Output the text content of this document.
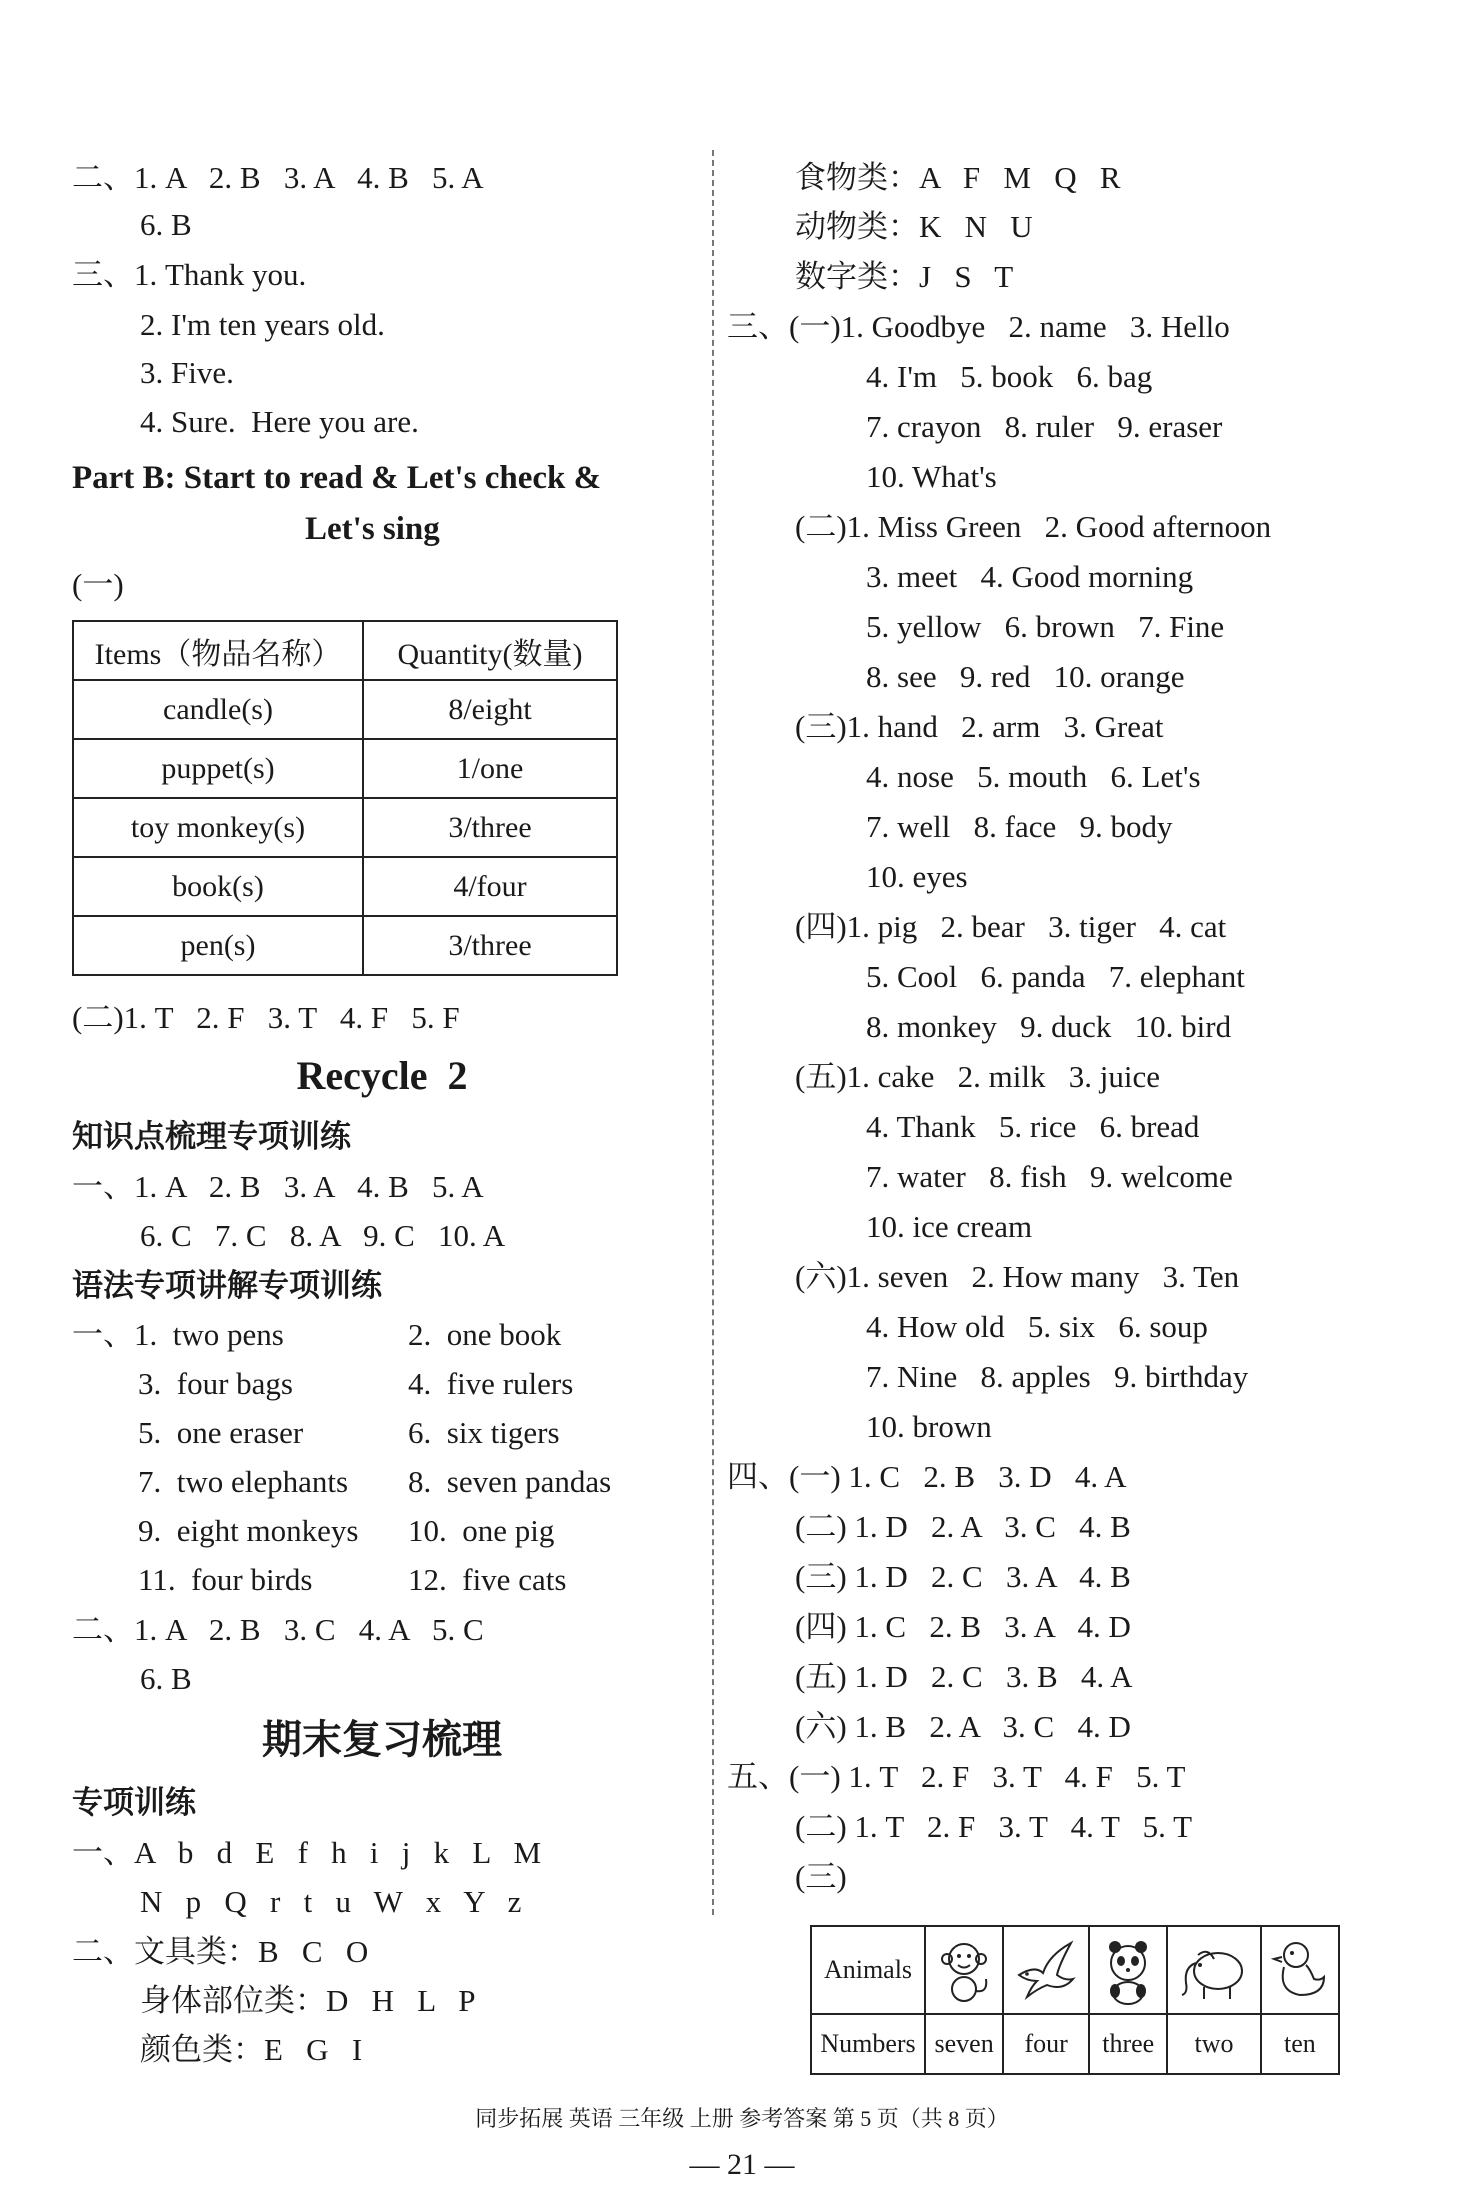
二、1. A   2. B   3. A   4. B   5. A
6. B
三、1. Thank you.
2. I'm ten years old.
3. Five.
4. Sure.  Here you are.
Part B: Start to read & Let's check &
Let's sing
(一)
Items（物品名称）	Quantity(数量)
candle(s)	8/eight
puppet(s)	1/one
toy monkey(s)	3/three
book(s)	4/four
pen(s)	3/three
(二)1. T   2. F   3. T   4. F   5. F
Recycle  2
知识点梳理专项训练
一、1. A   2. B   3. A   4. B   5. A
6. C   7. C   8. A   9. C   10. A
语法专项讲解专项训练
一、1.  two pens	2.  one book
3.  four bags	4.  five rulers
5.  one eraser	6.  six tigers
7.  two elephants 8.  seven pandas
9.  eight monkeys 10.  one pig
11.  four birds	12.  five cats
二、1. A   2. B   3. C   4. A   5. C
6. B
期末复习梳理
专项训练
一、A   b   d   E   f   h   i   j   k   L   M
N   p   Q   r   t   u   W   x   Y   z
二、文具类：B   C   O
身体部位类：D   H   L   P
颜色类：E   G   I
食物类：A   F   M   Q   R
动物类：K   N   U
数字类：J   S   T
三、(一)1. Goodbye   2. name   3. Hello
4. I'm   5. book   6. bag
7. crayon   8. ruler   9. eraser
10. What's
(二)1. Miss Green   2. Good afternoon
3. meet   4. Good morning
5. yellow   6. brown   7. Fine
8. see   9. red   10. orange
(三)1. hand   2. arm   3. Great
4. nose   5. mouth   6. Let's
7. well   8. face   9. body
10. eyes
(四)1. pig   2. bear   3. tiger   4. cat
5. Cool   6. panda   7. elephant
8. monkey   9. duck   10. bird
(五)1. cake   2. milk   3. juice
4. Thank   5. rice   6. bread
7. water   8. fish   9. welcome
10. ice cream
(六)1. seven   2. How many   3. Ten
4. How old   5. six   6. soup
7. Nine   8. apples   9. birthday
10. brown
四、(一) 1. C   2. B   3. D   4. A
(二) 1. D   2. A   3. C   4. B
(三) 1. D   2. C   3. A   4. B
(四) 1. C   2. B   3. A   4. D
(五) 1. D   2. C   3. B   4. A
(六) 1. B   2. A   3. C   4. D
五、(一) 1. T   2. F   3. T   4. F   5. T
(二) 1. T   2. F   3. T   4. T   5. T
(三)
Animals	

Numbers	seven	four	three	two	ten
同步拓展 英语 三年级 上册 参考答案 第 5 页（共 8 页）
— 21 —
